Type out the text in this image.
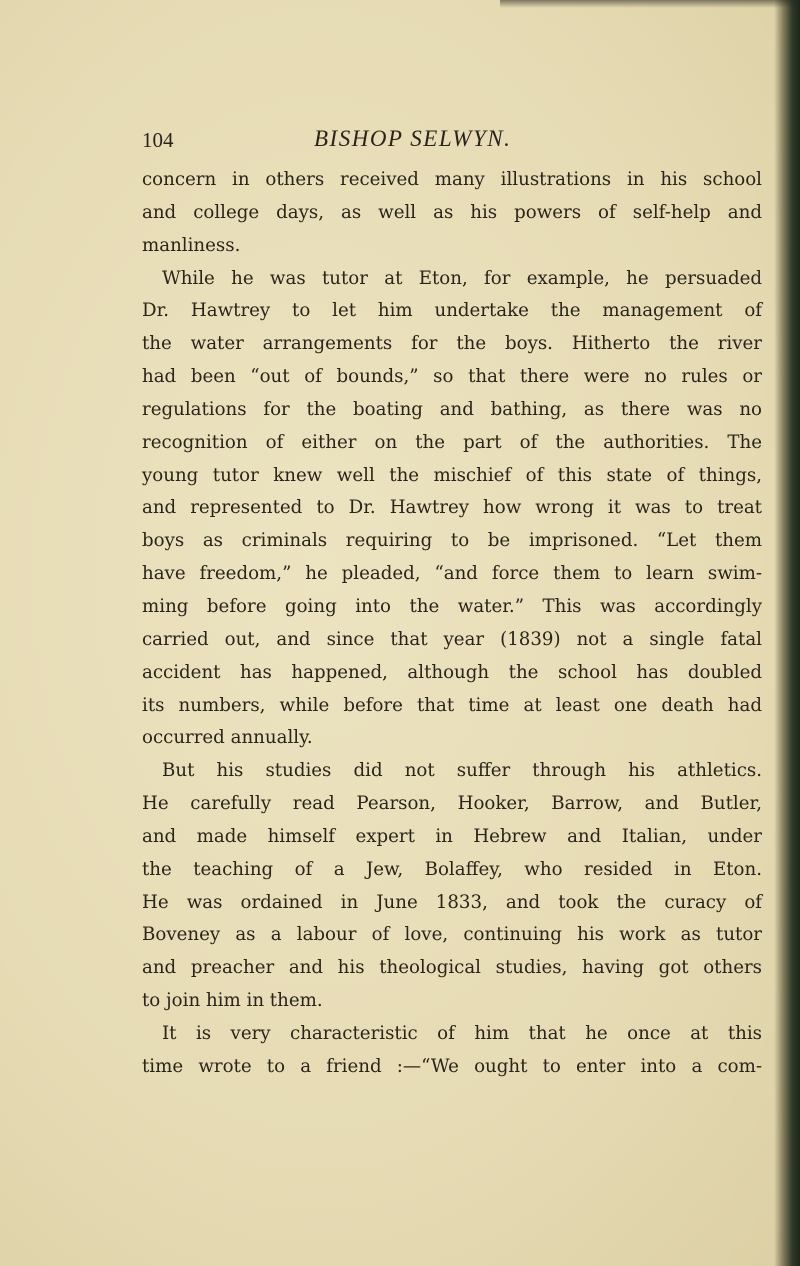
104	BISHOP SELWYN.
concern in others received many illustrations in his school
and college days, as well as his powers of self-help and
manliness.
While he was tutor at Eton, for example, he persuaded
Dr. Hawtrey to let him undertake the management of
the water arrangements for the boys. Hitherto the river
had been “out of bounds,” so that there were no rules or
regulations for the boating and bathing, as there was no
recognition of either on the part of the authorities. The
young tutor knew well the mischief of this state of things,
and represented to Dr. Hawtrey how wrong it was to treat
boys as criminals requiring to be imprisoned. “Let them
have freedom,” he pleaded, “and force them to learn swim-
ming before going into the water.” This was accordingly
carried out, and since that year (1839) not a single fatal
accident has happened, although the school has doubled
its numbers, while before that time at least one death had
occurred annually.
But his studies did not suffer through his athletics.
He carefully read Pearson, Hooker, Barrow, and Butler,
and made himself expert in Hebrew and Italian, under
the teaching of a Jew, Bolaffey, who resided in Eton.
He was ordained in June 1833, and took the curacy of
Boveney as a labour of love, continuing his work as tutor
and preacher and his theological studies, having got others
to join him in them.
It is very characteristic of him that he once at this
time wrote to a friend :—“We ought to enter into a com-
